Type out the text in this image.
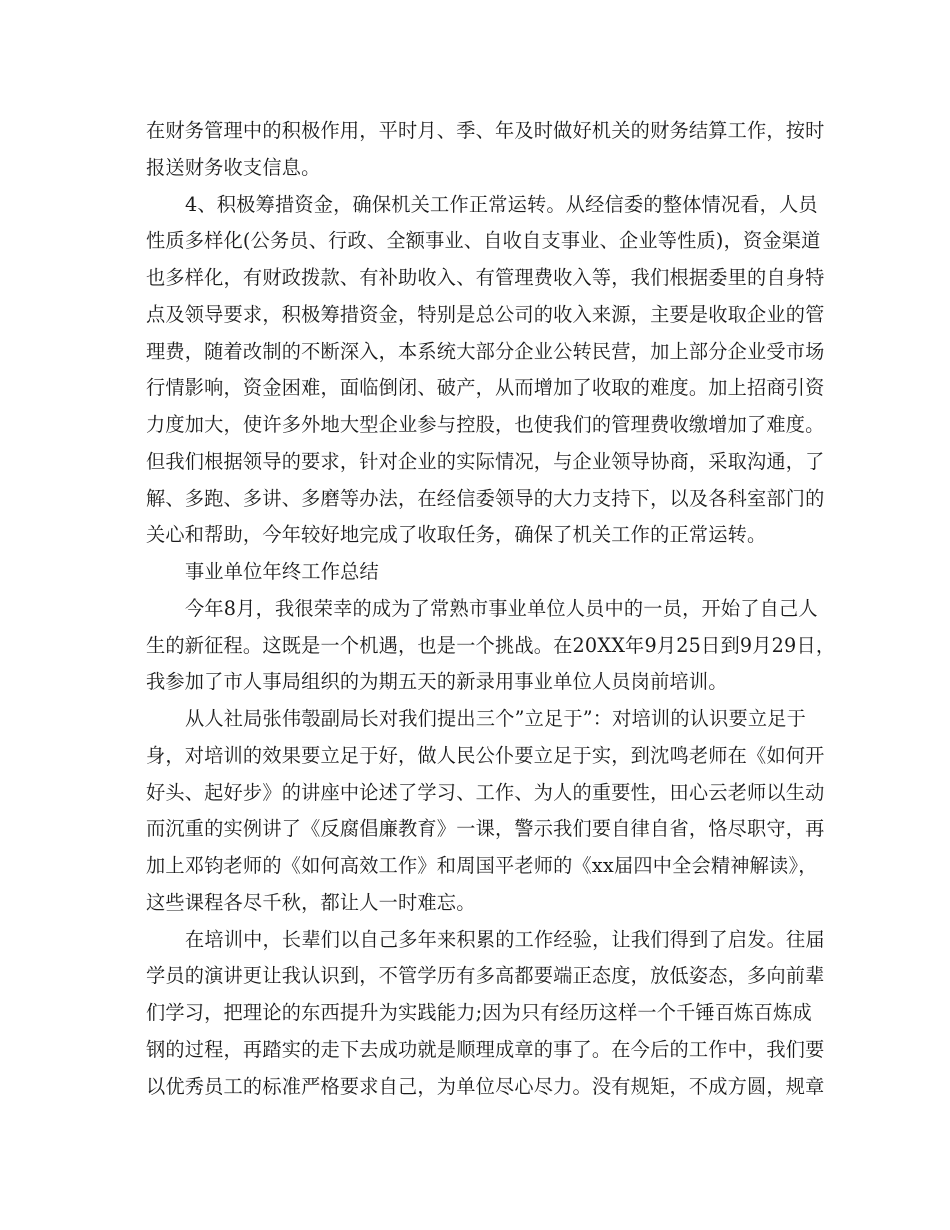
在财务管理中的积极作用，平时月、季、年及时做好机关的财务结算工作，按时
报送财务收支信息。
4、积极筹措资金，确保机关工作正常运转。从经信委的整体情况看，人员
性质多样化(公务员、行政、全额事业、自收自支事业、企业等性质)，资金渠道
也多样化，有财政拨款、有补助收入、有管理费收入等，我们根据委里的自身特
点及领导要求，积极筹措资金，特别是总公司的收入来源，主要是收取企业的管
理费，随着改制的不断深入，本系统大部分企业公转民营，加上部分企业受市场
行情影响，资金困难，面临倒闭、破产，从而增加了收取的难度。加上招商引资
力度加大，使许多外地大型企业参与控股，也使我们的管理费收缴增加了难度。
但我们根据领导的要求，针对企业的实际情况，与企业领导协商，采取沟通，了
解、多跑、多讲、多磨等办法，在经信委领导的大力支持下，以及各科室部门的
关心和帮助，今年较好地完成了收取任务，确保了机关工作的正常运转。
事业单位年终工作总结
今年8月，我很荣幸的成为了常熟市事业单位人员中的一员，开始了自己人
生的新征程。这既是一个机遇，也是一个挑战。在20XX年9月25日到9月29日，
我参加了市人事局组织的为期五天的新录用事业单位人员岗前培训。
从人社局张伟彀副局长对我们提出三个”立足于”：对培训的认识要立足于
身，对培训的效果要立足于好，做人民公仆要立足于实，到沈鸣老师在《如何开
好头、起好步》的讲座中论述了学习、工作、为人的重要性，田心云老师以生动
而沉重的实例讲了《反腐倡廉教育》一课，警示我们要自律自省，恪尽职守，再
加上邓钧老师的《如何高效工作》和周国平老师的《xx届四中全会精神解读》，
这些课程各尽千秋，都让人一时难忘。
在培训中，长辈们以自己多年来积累的工作经验，让我们得到了启发。往届
学员的演讲更让我认识到，不管学历有多高都要端正态度，放低姿态，多向前辈
们学习，把理论的东西提升为实践能力;因为只有经历这样一个千锤百炼百炼成
钢的过程，再踏实的走下去成功就是顺理成章的事了。在今后的工作中，我们要
以优秀员工的标准严格要求自己，为单位尽心尽力。没有规矩，不成方圆，规章
